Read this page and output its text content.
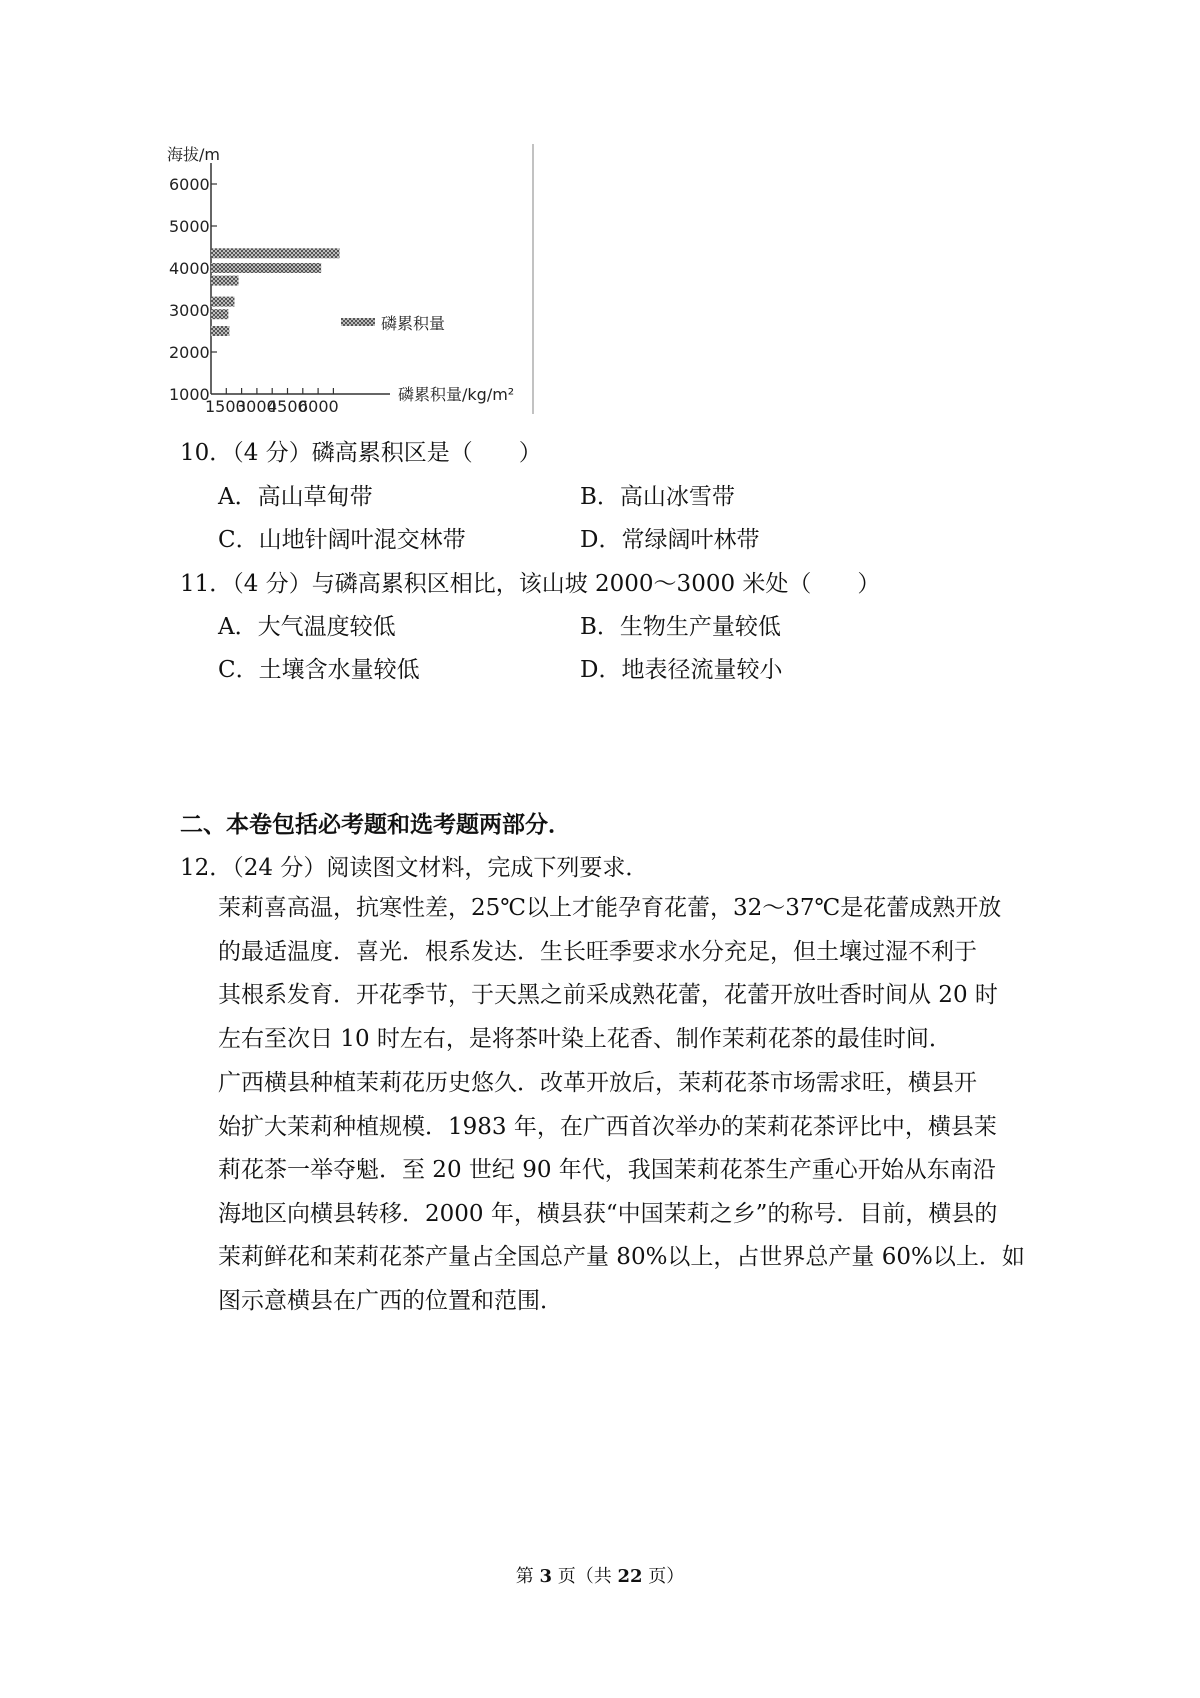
海拔/m
6000
5000
4000
3000
2000
1000
1500
3000
4500
6000
磷累积量/kg/m²
磷累积量
10．（4 分）磷高累积区是（　　）
A．高山草甸带	B．高山冰雪带
C．山地针阔叶混交林带	D．常绿阔叶林带
11．（4 分）与磷高累积区相比，该山坡 2000～3000 米处（　　）
A．大气温度较低	B．生物生产量较低
C．土壤含水量较低	D．地表径流量较小
二、本卷包括必考题和选考题两部分．
12．（24 分）阅读图文材料，完成下列要求．
茉莉喜高温，抗寒性差，25℃以上才能孕育花蕾，32～37℃是花蕾成熟开放
的最适温度．喜光．根系发达．生长旺季要求水分充足，但土壤过湿不利于
其根系发育．开花季节，于天黑之前采成熟花蕾，花蕾开放吐香时间从 20 时
左右至次日 10 时左右，是将茶叶染上花香、制作茉莉花茶的最佳时间．
广西横县种植茉莉花历史悠久．改革开放后，茉莉花茶市场需求旺，横县开
始扩大茉莉种植规模．1983 年，在广西首次举办的茉莉花茶评比中，横县茉
莉花茶一举夺魁．至 20 世纪 90 年代，我国茉莉花茶生产重心开始从东南沿
海地区向横县转移．2000 年，横县获“中国茉莉之乡”的称号．目前，横县的
茉莉鲜花和茉莉花茶产量占全国总产量 80%以上，占世界总产量 60%以上．如
图示意横县在广西的位置和范围．
第 3 页（共 22 页）
